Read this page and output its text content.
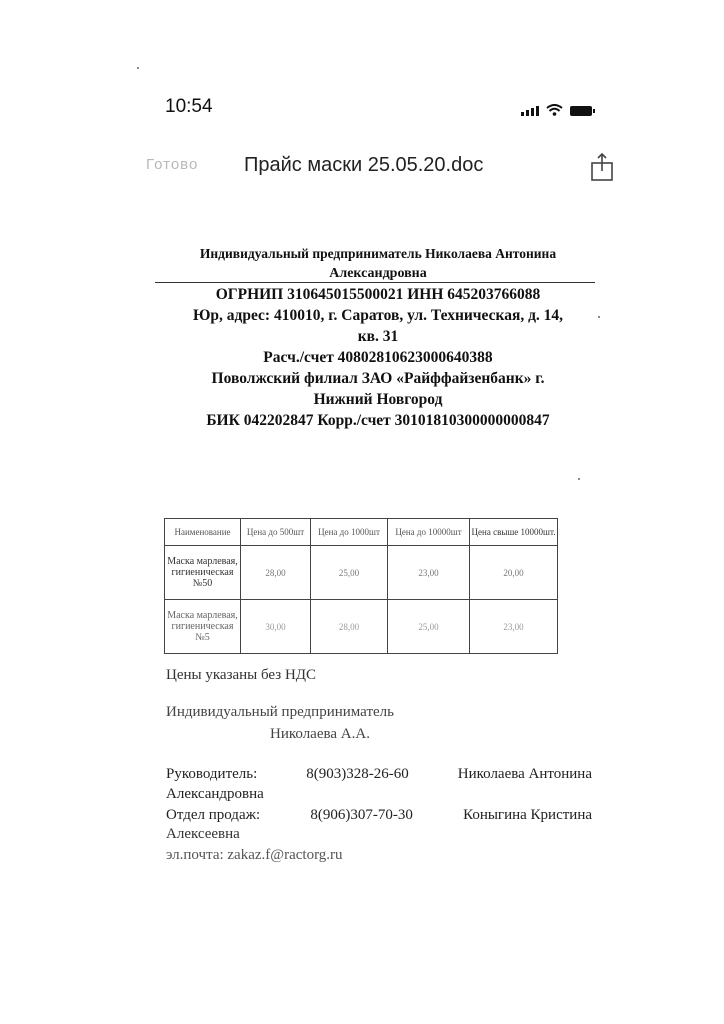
10:54
Готово Прайс маски 25.05.20.doc
Индивидуальный предприниматель Николаева Антонина
Александровна
ОГРНИП 310645015500021 ИНН 645203766088
Юр, адрес: 410010, г. Саратов, ул. Техническая, д. 14,
кв. 31
Расч./счет 40802810623000640388
Поволжский филиал ЗАО «Райффайзенбанк» г.
Нижний Новгород
БИК 042202847 Корр./счет 30101810300000000847
Наименование	Цена до 500шт	Цена до 1000шт	Цена до 10000шт	Цена свыше 10000шт.
Маска марлевая, гигиеническая №50	28,00	25,00	23,00	20,00
Маска марлевая, гигиеническая №5	30,00	28,00	25,00	23,00
Цены указаны без НДС
Индивидуальный предприниматель
Николаева А.А.
Руководитель:	8(903)328-26-60	Николаева Антонина
Александровна
Отдел продаж:	8(906)307-70-30	Коныгина Кристина
Алексеевна
эл.почта: zakaz.f@ractorg.ru
